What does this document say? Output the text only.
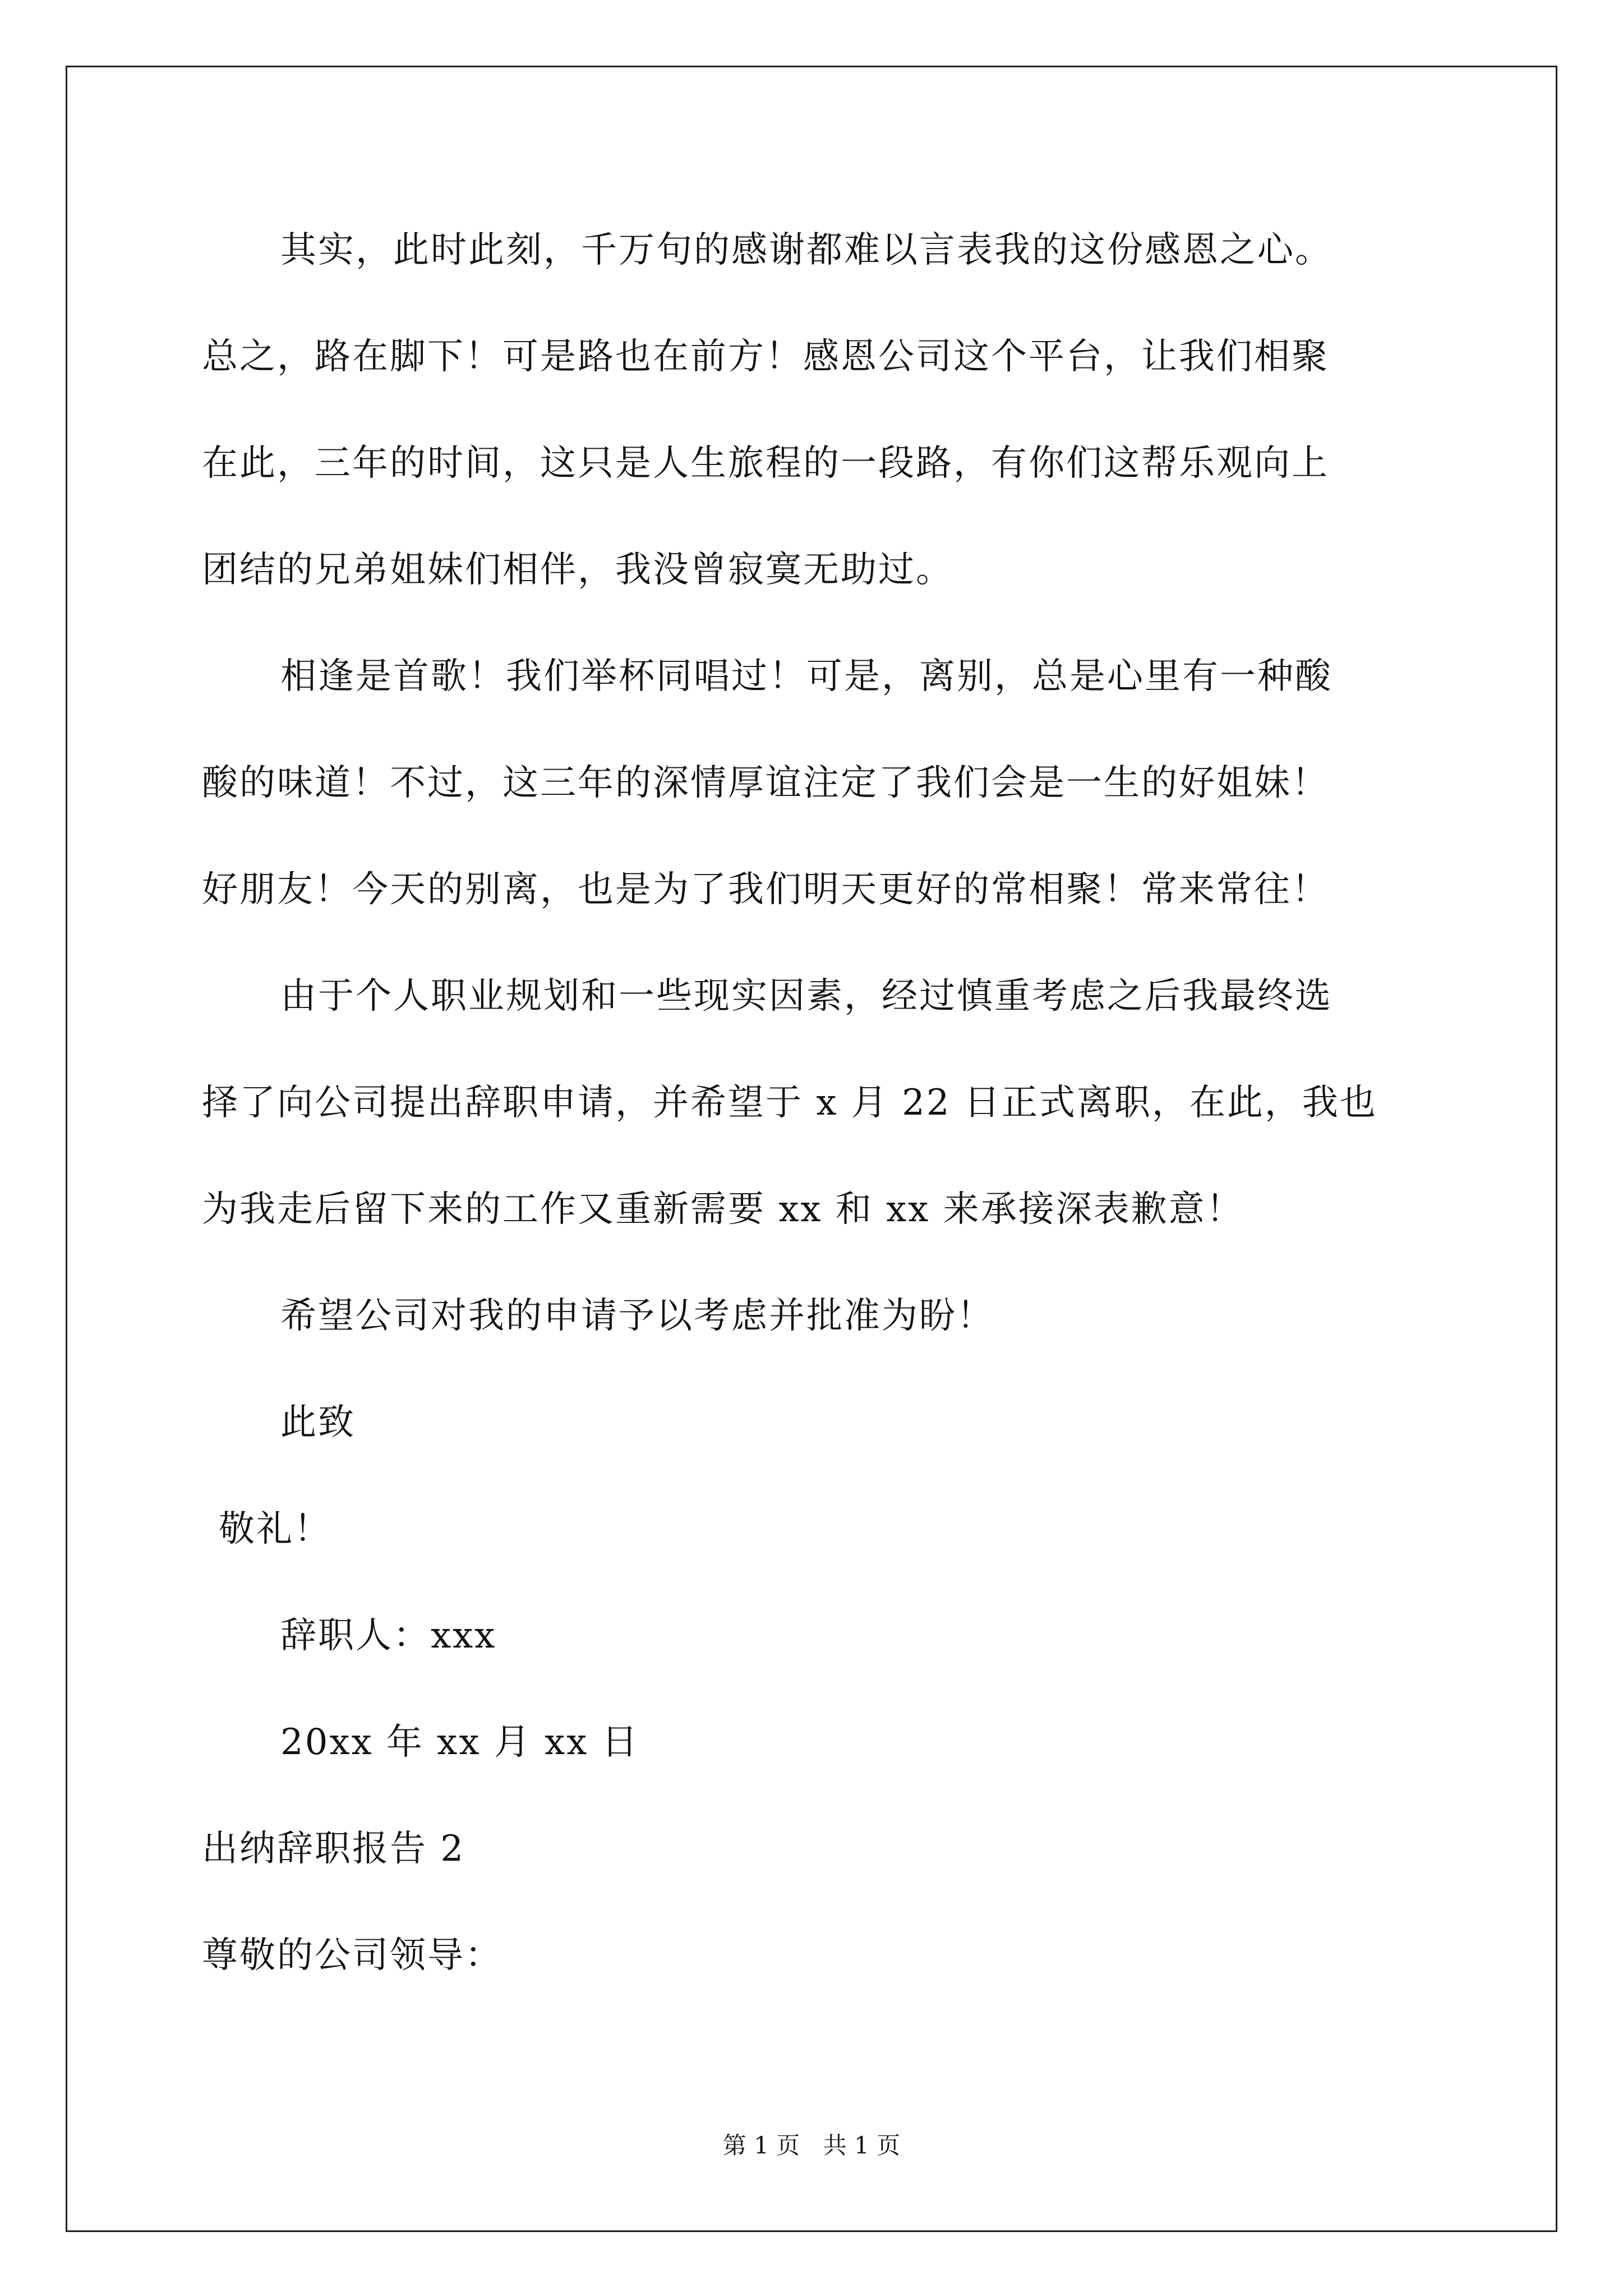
其实，此时此刻，千万句的感谢都难以言表我的这份感恩之心。
总之，路在脚下！可是路也在前方！感恩公司这个平台，让我们相聚
在此，三年的时间，这只是人生旅程的一段路，有你们这帮乐观向上
团结的兄弟姐妹们相伴，我没曾寂寞无助过。
相逢是首歌！我们举杯同唱过！可是，离别，总是心里有一种酸
酸的味道！不过，这三年的深情厚谊注定了我们会是一生的好姐妹！
好朋友！今天的别离，也是为了我们明天更好的常相聚！常来常往！
由于个人职业规划和一些现实因素，经过慎重考虑之后我最终选
择了向公司提出辞职申请，并希望于 x 月 22 日正式离职，在此，我也
为我走后留下来的工作又重新需要 xx 和 xx 来承接深表歉意！
希望公司对我的申请予以考虑并批准为盼！
此致
敬礼！
辞职人：xxx
20xx 年 xx 月 xx 日
出纳辞职报告 2
尊敬的公司领导：
第 1 页 共 1 页
